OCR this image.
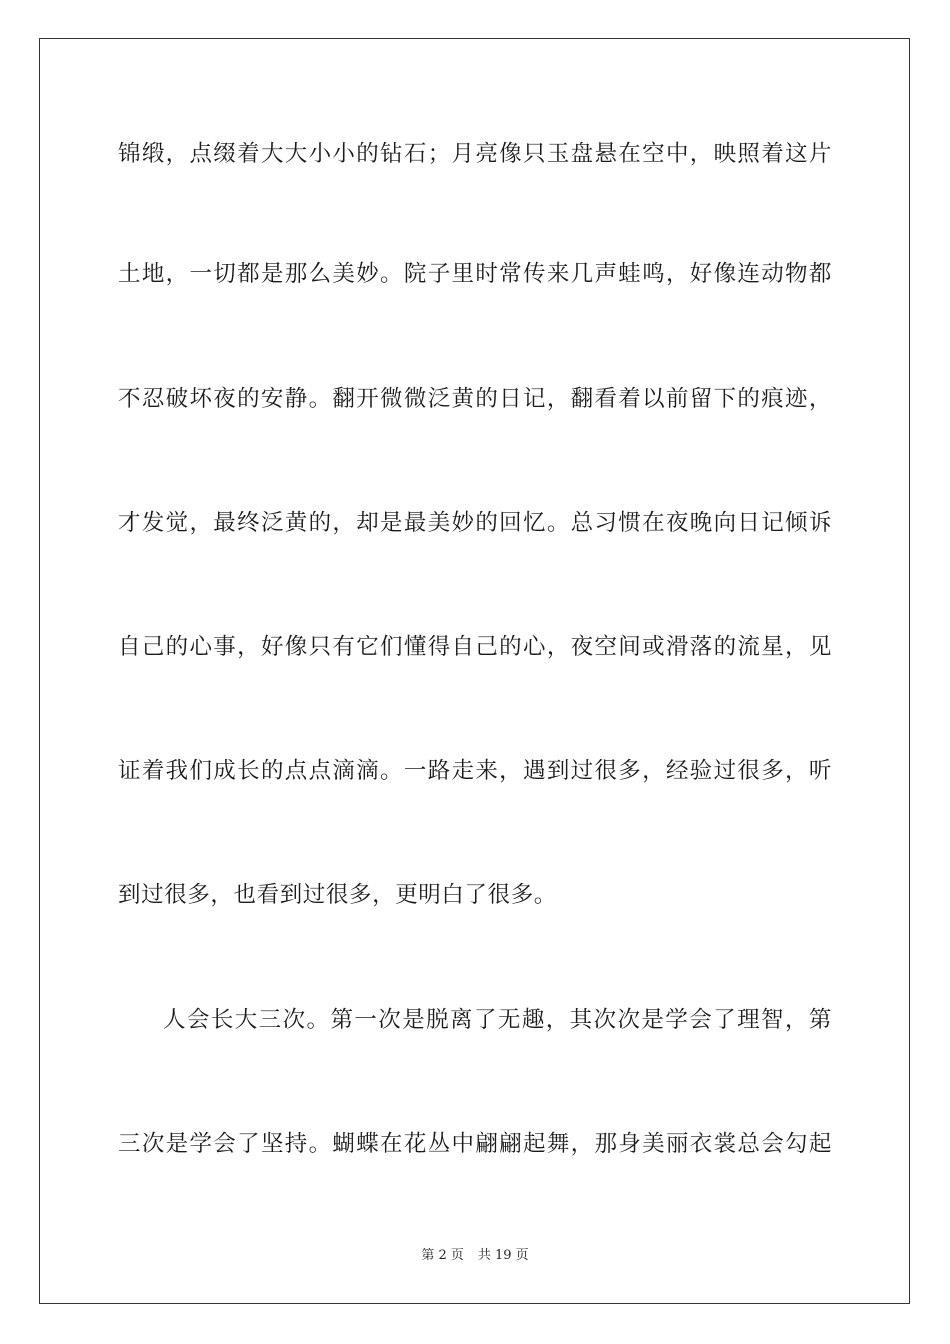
锦缎，点缀着大大小小的钻石；月亮像只玉盘悬在空中，映照着这片
土地，一切都是那么美妙。院子里时常传来几声蛙鸣，好像连动物都
不忍破坏夜的安静。翻开微微泛黄的日记，翻看着以前留下的痕迹，
才发觉，最终泛黄的，却是最美妙的回忆。总习惯在夜晚向日记倾诉
自己的心事，好像只有它们懂得自己的心，夜空间或滑落的流星，见
证着我们成长的点点滴滴。一路走来，遇到过很多，经验过很多，听
到过很多，也看到过很多，更明白了很多。
人会长大三次。第一次是脱离了无趣，其次次是学会了理智，第
三次是学会了坚持。蝴蝶在花丛中翩翩起舞，那身美丽衣裳总会勾起
第 2 页 共 19 页
